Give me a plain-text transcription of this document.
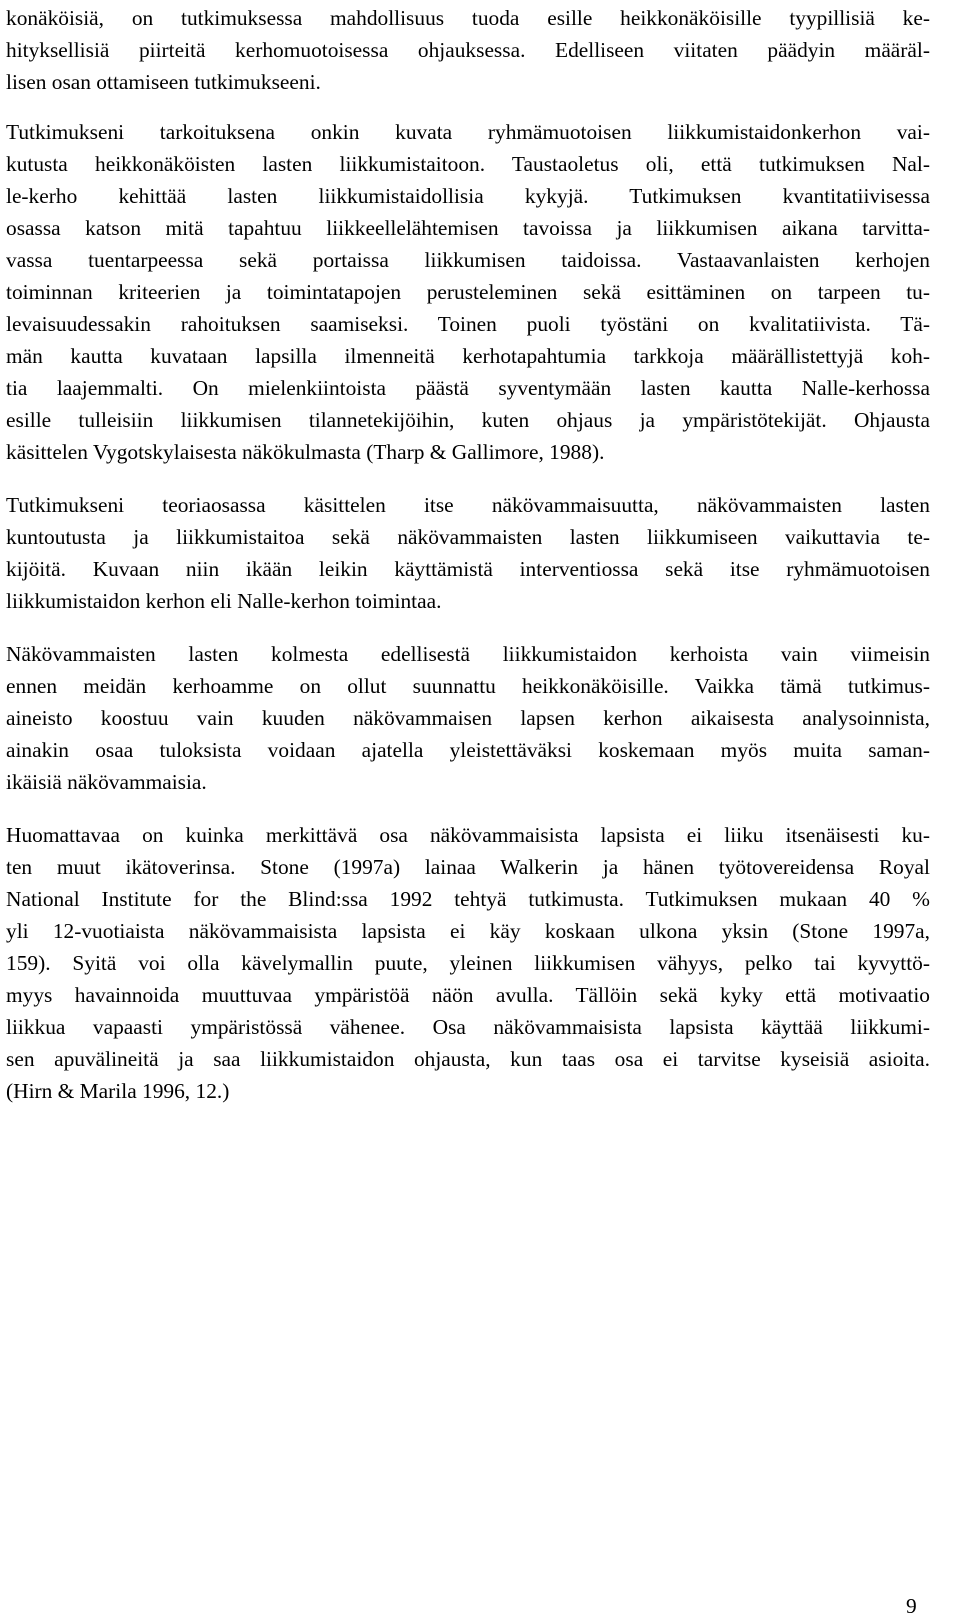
konäköisiä, on tutkimuksessa mahdollisuus tuoda esille heikkonäköisille tyypillisiä ke-

hityksellisiä piirteitä kerhomuotoisessa ohjauksessa. Edelliseen viitaten päädyin määräl-

lisen osan ottamiseen tutkimukseeni.

Tutkimukseni tarkoituksena onkin kuvata ryhmämuotoisen liikkumistaidonkerhon vai-

kutusta heikkonäköisten lasten liikkumistaitoon. Taustaoletus oli, että tutkimuksen Nal-

le-kerho kehittää lasten liikkumistaidollisia kykyjä. Tutkimuksen kvantitatiivisessa

osassa katson mitä tapahtuu liikkeellelähtemisen tavoissa ja liikkumisen aikana tarvitta-

vassa tuentarpeessa sekä portaissa liikkumisen taidoissa. Vastaavanlaisten kerhojen

toiminnan kriteerien ja toimintatapojen perusteleminen sekä esittäminen on tarpeen tu-

levaisuudessakin rahoituksen saamiseksi. Toinen puoli työstäni on kvalitatiivista. Tä-

män kautta kuvataan lapsilla ilmenneitä kerhotapahtumia tarkkoja määrällistettyjä koh-

tia laajemmalti. On mielenkiintoista päästä syventymään lasten kautta Nalle-kerhossa

esille tulleisiin liikkumisen tilannetekijöihin, kuten ohjaus ja ympäristötekijät. Ohjausta

käsittelen Vygotskylaisesta näkökulmasta (Tharp & Gallimore, 1988).

Tutkimukseni teoriaosassa käsittelen itse näkövammaisuutta, näkövammaisten lasten

kuntoutusta ja liikkumistaitoa sekä näkövammaisten lasten liikkumiseen vaikuttavia te-

kijöitä. Kuvaan niin ikään leikin käyttämistä interventiossa sekä itse ryhmämuotoisen

liikkumistaidon kerhon eli Nalle-kerhon toimintaa.

Näkövammaisten lasten kolmesta edellisestä liikkumistaidon kerhoista vain viimeisin

ennen meidän kerhoamme on ollut suunnattu heikkonäköisille. Vaikka tämä tutkimus-

aineisto koostuu vain kuuden näkövammaisen lapsen kerhon aikaisesta analysoinnista,

ainakin osaa tuloksista voidaan ajatella yleistettäväksi koskemaan myös muita saman-

ikäisiä näkövammaisia.

Huomattavaa on kuinka merkittävä osa näkövammaisista lapsista ei liiku itsenäisesti ku-

ten muut ikätoverinsa. Stone (1997a) lainaa Walkerin ja hänen työtovereidensa Royal

National Institute for the Blind:ssa 1992 tehtyä tutkimusta. Tutkimuksen mukaan 40 %

yli 12-vuotiaista näkövammaisista lapsista ei käy koskaan ulkona yksin (Stone 1997a,

159). Syitä voi olla kävelymallin puute, yleinen liikkumisen vähyys, pelko tai kyvyttö-

myys havainnoida muuttuvaa ympäristöä näön avulla. Tällöin sekä kyky että motivaatio

liikkua vapaasti ympäristössä vähenee. Osa näkövammaisista lapsista käyttää liikkumi-

sen apuvälineitä ja saa liikkumistaidon ohjausta, kun taas osa ei tarvitse kyseisiä asioita.

(Hirn & Marila 1996, 12.)

9
